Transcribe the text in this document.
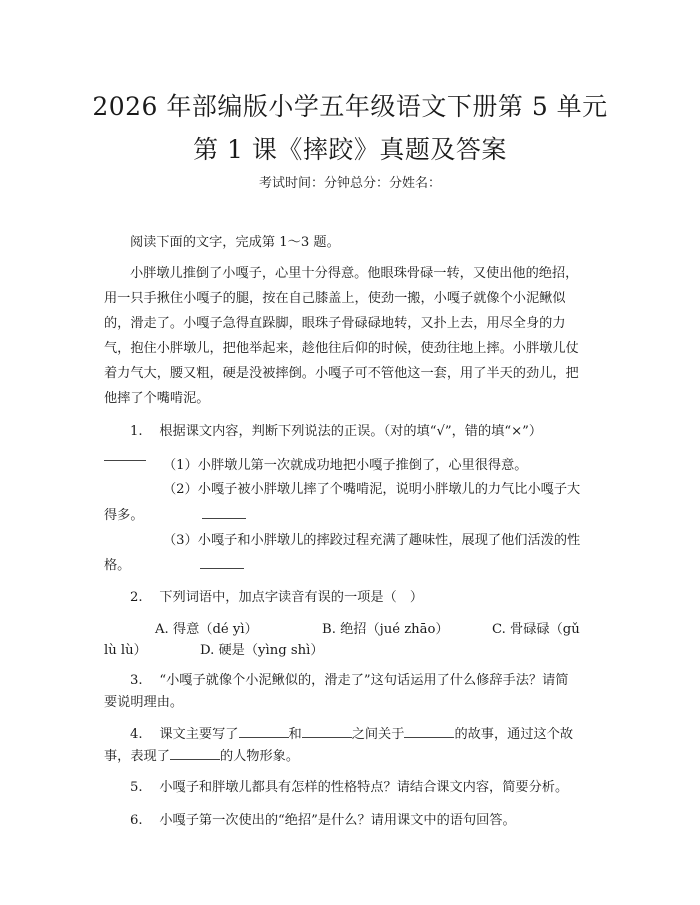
2026 年部编版小学五年级语文下册第 5 单元
第 1 课《摔跤》真题及答案
考试时间：分钟总分：分姓名：
阅读下面的文字，完成第 1～3 题。
小胖墩儿推倒了小嘎子，心里十分得意。他眼珠骨碌一转，又使出他的绝招，
用一只手揪住小嘎子的腿，按在自己膝盖上，使劲一搬，小嘎子就像个小泥鳅似
的，滑走了。小嘎子急得直跺脚，眼珠子骨碌碌地转，又扑上去，用尽全身的力
气，抱住小胖墩儿，把他举起来，趁他往后仰的时候，使劲往地上摔。小胖墩儿仗
着力气大，腰又粗，硬是没被摔倒。小嘎子可不管他这一套，用了半天的劲儿，把
他摔了个嘴啃泥。
1. 根据课文内容，判断下列说法的正误。（对的填“√”，错的填“×”）
（1）小胖墩儿第一次就成功地把小嘎子推倒了，心里很得意。
（2）小嘎子被小胖墩儿摔了个嘴啃泥，说明小胖墩儿的力气比小嘎子大
得多。
（3）小嘎子和小胖墩儿的摔跤过程充满了趣味性，展现了他们活泼的性
格。
2. 下列词语中，加点字读音有误的一项是（　）
A. 得意（dé yì）	B. 绝招（jué zhāo）	C. 骨碌碌（gǔ
lù lù）	D. 硬是（yìng shì）
3. “小嘎子就像个小泥鳅似的，滑走了”这句话运用了什么修辞手法？请简
要说明理由。
4. 课文主要写了	和	之间关于	的故事，通过这个故
事，表现了	的人物形象。
5. 小嘎子和胖墩儿都具有怎样的性格特点？请结合课文内容，简要分析。
6. 小嘎子第一次使出的“绝招”是什么？请用课文中的语句回答。
